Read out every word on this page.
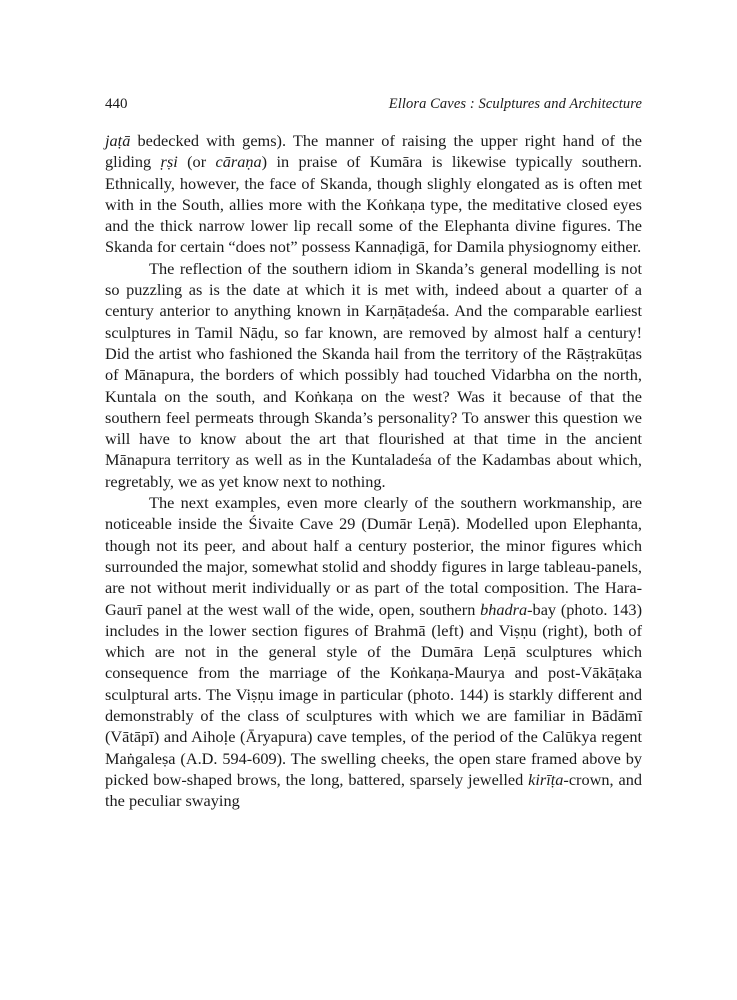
440	Ellora Caves : Sculptures and Architecture

jaṭā bedecked with gems). The manner of raising the upper right hand of the gliding ṛṣi (or cāraṇa) in praise of Kumāra is likewise typically southern. Ethnically, however, the face of Skanda, though slighly elongated as is often met with in the South, allies more with the Koṅkaṇa type, the meditative closed eyes and the thick narrow lower lip recall some of the Elephanta divine figures. The Skanda for certain “does not” possess Kannaḍigā, for Damila physiognomy either.

The reflection of the southern idiom in Skanda’s general modelling is not so puzzling as is the date at which it is met with, indeed about a quarter of a century anterior to anything known in Karṇāṭadeśa. And the comparable earliest sculptures in Tamil Nāḍu, so far known, are removed by almost half a century! Did the artist who fashioned the Skanda hail from the territory of the Rāṣṭrakūṭas of Mānapura, the borders of which possibly had touched Vidarbha on the north, Kuntala on the south, and Koṅkaṇa on the west? Was it because of that the southern feel permeats through Skanda’s personality? To answer this question we will have to know about the art that flourished at that time in the ancient Mānapura territory as well as in the Kuntaladeśa of the Kadambas about which, regretably, we as yet know next to nothing.

The next examples, even more clearly of the southern workmanship, are noticeable inside the Śivaite Cave 29 (Dumār Leṇā). Modelled upon Elephanta, though not its peer, and about half a century posterior, the minor figures which surrounded the major, somewhat stolid and shoddy figures in large tableau-panels, are not without merit individually or as part of the total composition. The Hara-Gaurī panel at the west wall of the wide, open, southern bhadra-bay (photo. 143) includes in the lower section figures of Brahmā (left) and Viṣṇu (right), both of which are not in the general style of the Dumāra Leṇā sculptures which consequence from the marriage of the Koṅkaṇa-Maurya and post-Vākāṭaka sculptural arts. The Viṣṇu image in particular (photo. 144) is starkly different and demonstrably of the class of sculptures with which we are familiar in Bādāmī (Vātāpī) and Aihoḷe (Āryapura) cave temples, of the period of the Calūkya regent Maṅgaleṣa (A.D. 594-609). The swelling cheeks, the open stare framed above by picked bow-shaped brows, the long, battered, sparsely jewelled kirīṭa-crown, and the peculiar swaying
